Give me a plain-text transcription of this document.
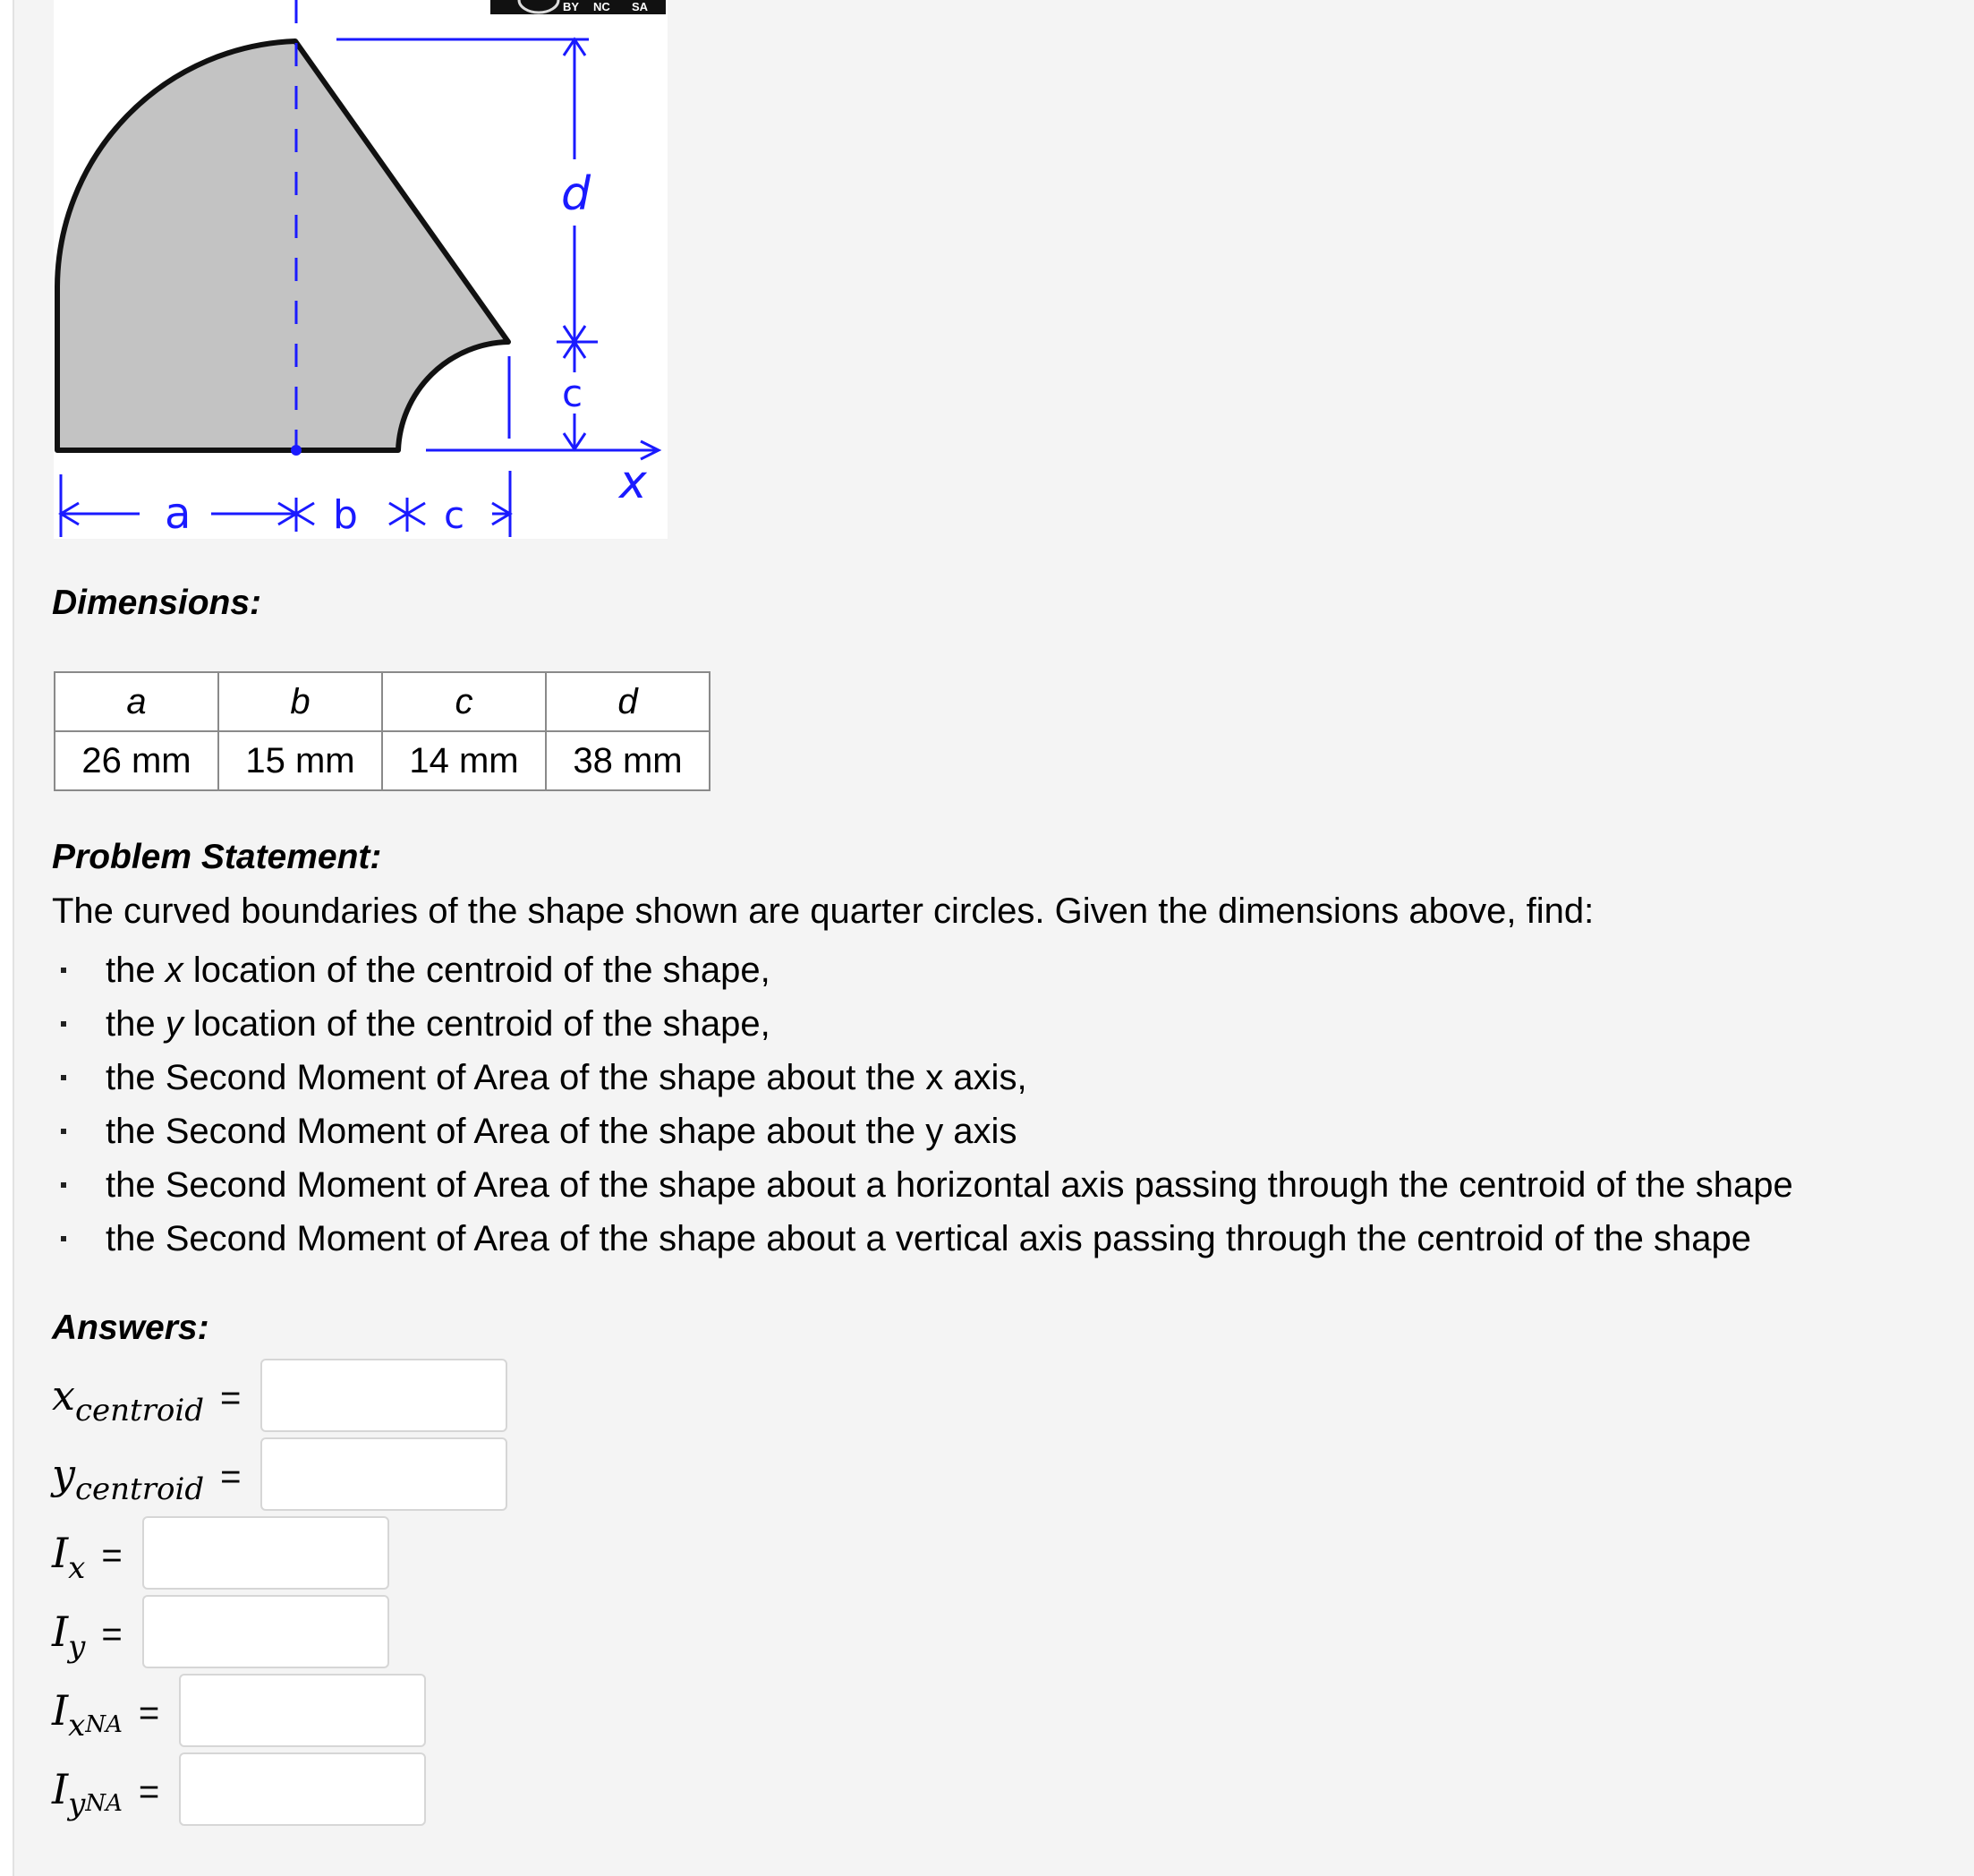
BY NC SA
d
c
a	b c
x
Dimensions:
a	b	c	d
26 mm	15 mm	14 mm	38 mm
Problem Statement:

The curved boundaries of the shape shown are quarter circles. Given the dimensions above, find:

the x location of the centroid of the shape,
the y location of the centroid of the shape,
the Second Moment of Area of the shape about the x axis,
the Second Moment of Area of the shape about the y axis
the Second Moment of Area of the shape about a horizontal axis passing through the centroid of the shape
the Second Moment of Area of the shape about a vertical axis passing through the centroid of the shape
Answers:
$x_{centroid}$ =
$y_{centroid}$ =
$I_x$ =
$I_y$ =
$I_xNA$ =
$I_yNA$ =
